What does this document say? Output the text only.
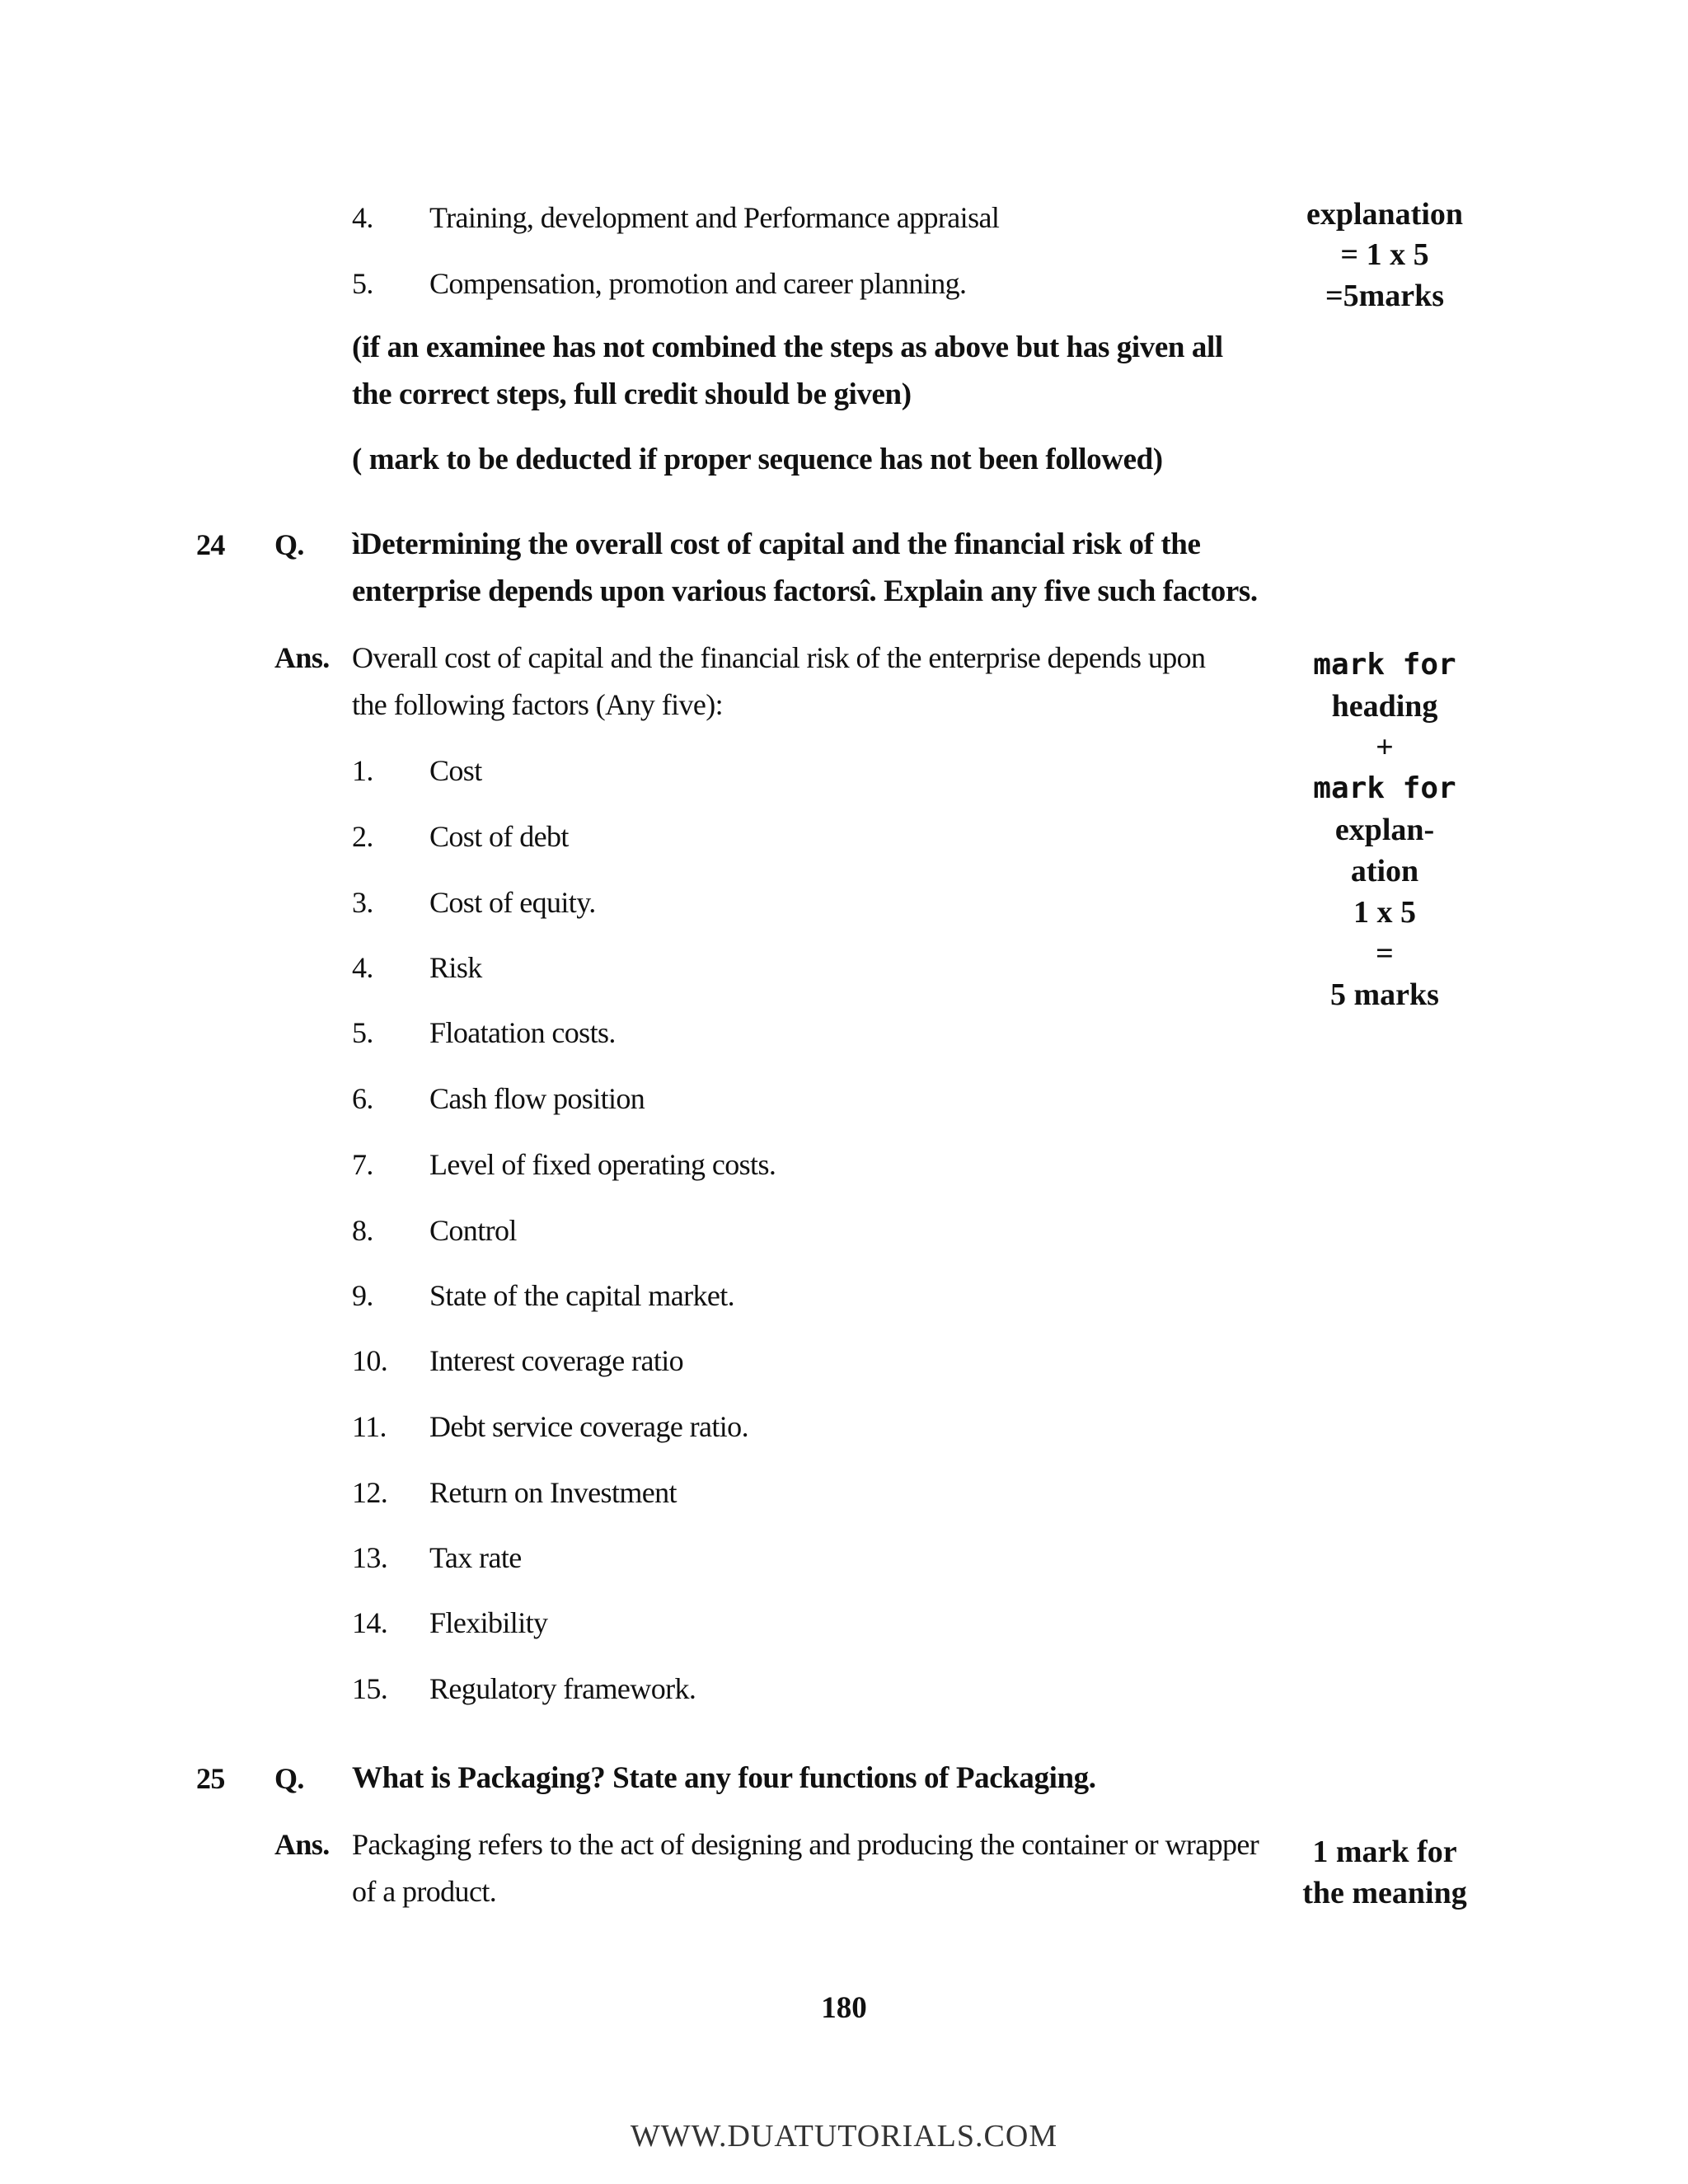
4.	Training, development and Performance appraisal
5.	Compensation, promotion and career planning.
(if an examinee has not combined the steps as above but has given all
the correct steps, full credit should be given)
( mark to be deducted if proper sequence has not been followed)
explanation
= 1 x 5
=5marks
24 Q. ìDetermining the overall cost of capital and the financial risk of the
enterprise depends upon various factorsî. Explain any five such factors.
Ans. Overall cost of capital and the financial risk of the enterprise depends upon
the following factors (Any five):
1.	Cost
2.	Cost of debt
3.	Cost of equity.
4.	Risk
5.	Floatation costs.
6.	Cash flow position
7.	Level of fixed operating costs.
8.	Control
9.	State of the capital market.
10.	Interest coverage ratio
11.	Debt service coverage ratio.
12.	Return on Investment
13.	Tax rate
14.	Flexibility
15.	Regulatory framework.
mark for
heading
+
mark for
explan-
ation
1 x 5
=
5 marks
25 Q. What is Packaging? State any four functions of Packaging.
Ans. Packaging refers to the act of designing and producing the container or wrapper
of a product.
1 mark for
the meaning
180
WWW.DUATUTORIALS.COM
